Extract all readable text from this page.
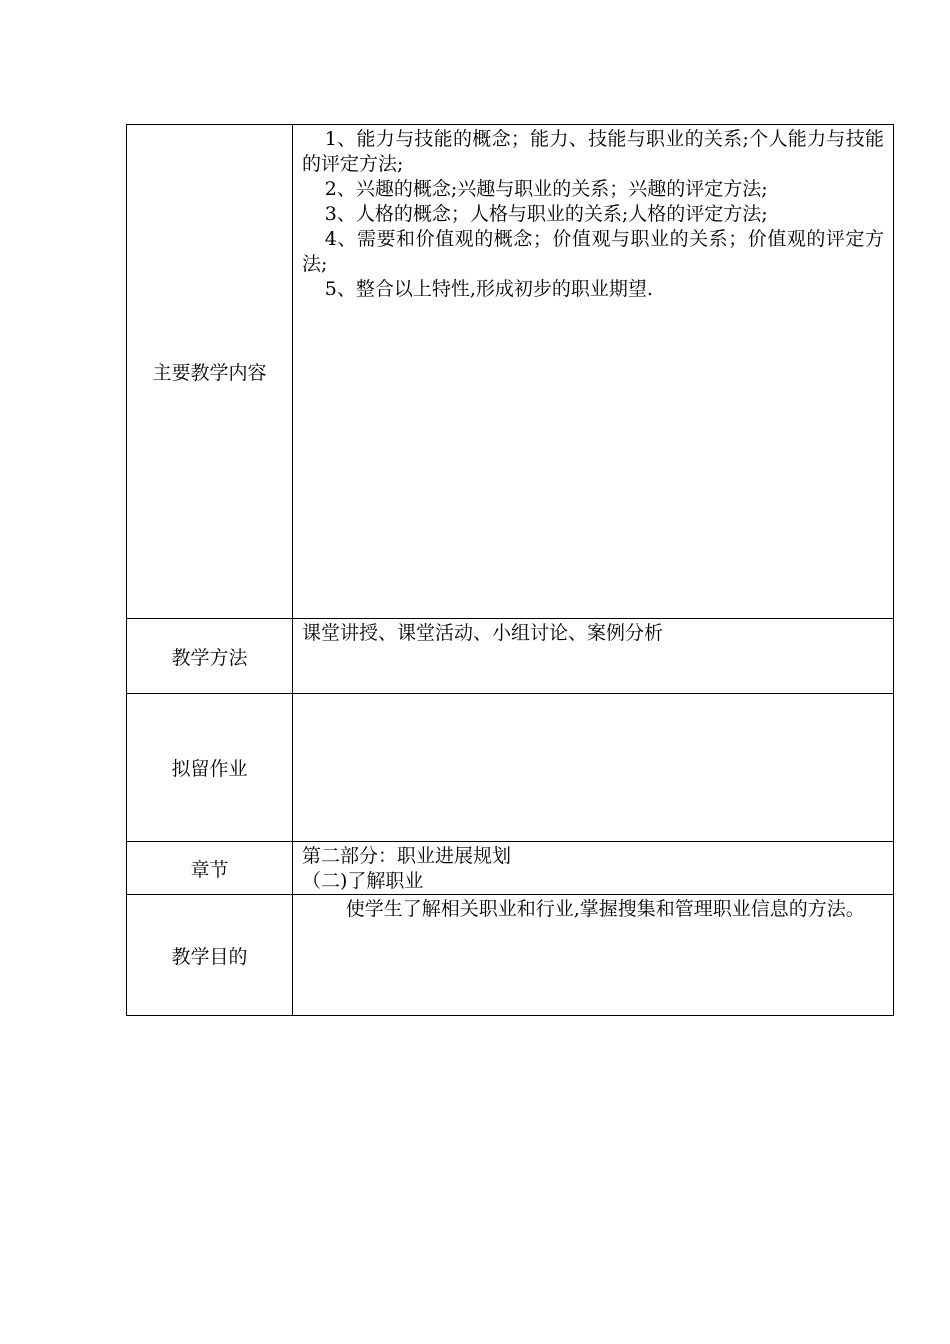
主要教学内容	1、能力与技能的概念；能力、技能与职业的关系;个人能力与技能的评定方法;
2、兴趣的概念;兴趣与职业的关系；兴趣的评定方法;
3、人格的概念；人格与职业的关系;人格的评定方法;
4、需要和价值观的概念；价值观与职业的关系；价值观的评定方法;
5、整合以上特性,形成初步的职业期望.

教学方法	课堂讲授、课堂活动、小组讨论、案例分析
拟留作业	
章节	第二部分：职业进展规划
（二)了解职业

教学目的	使学生了解相关职业和行业,掌握搜集和管理职业信息的方法。
